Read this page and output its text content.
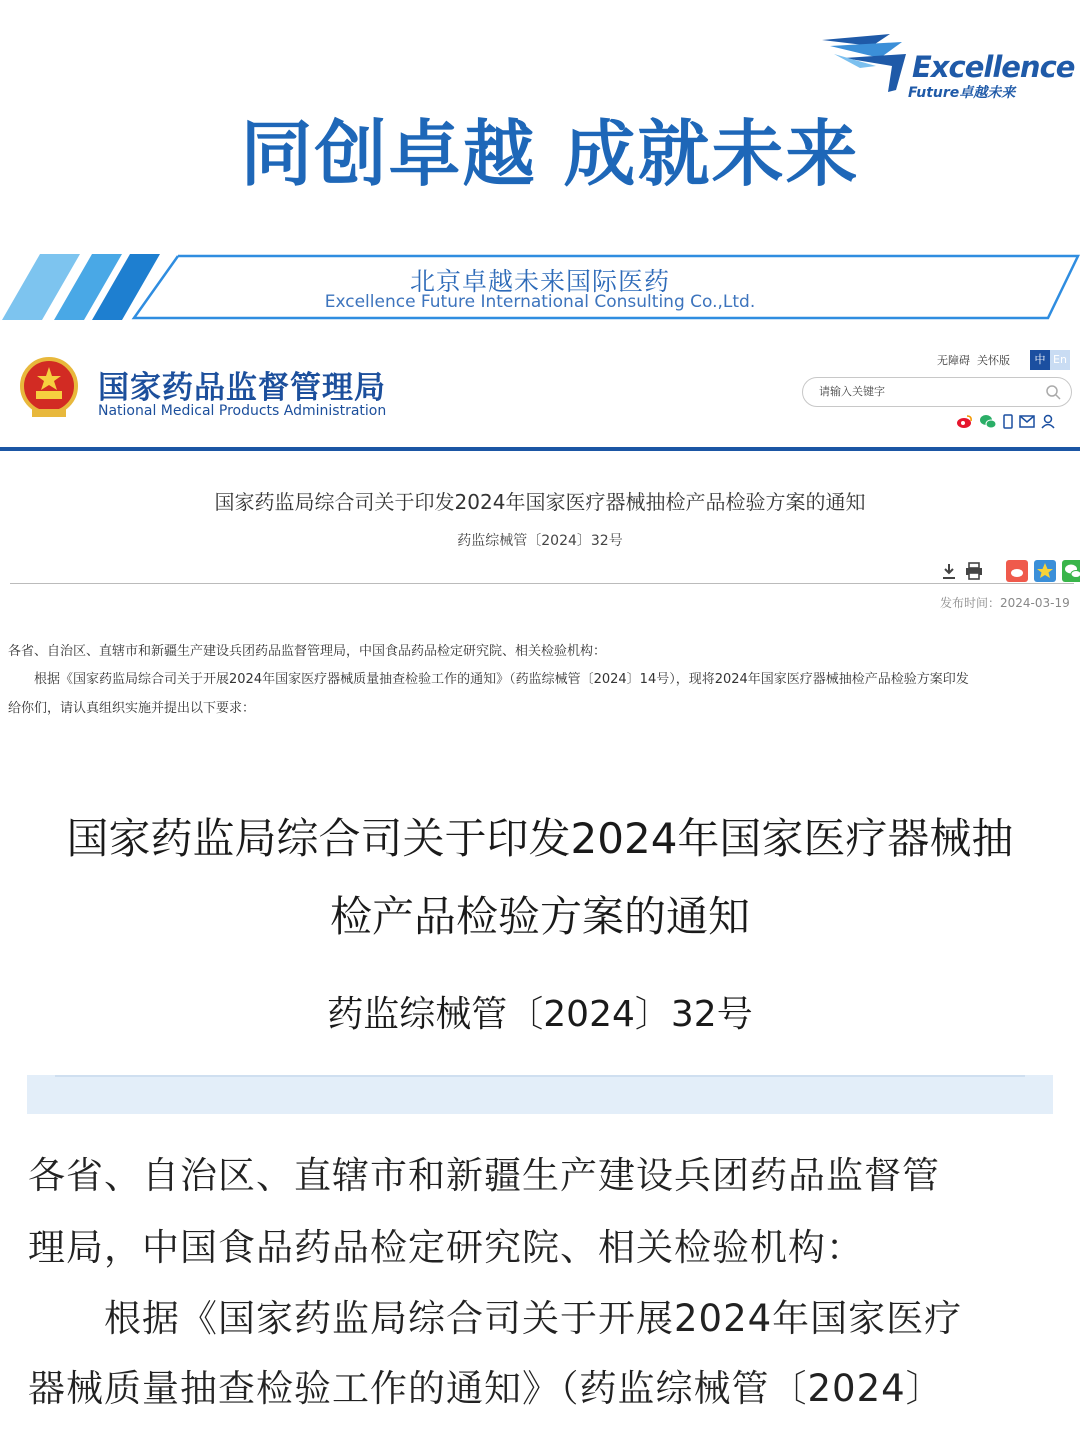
Excellence
Future卓越未来
同创卓越 成就未来
北京卓越未来国际医药
Excellence Future International Consulting Co.,Ltd.
国家药品监督管理局
National Medical Products Administration
无障碍 关怀版	中 En
请输入关键字
国家药监局综合司关于印发2024年国家医疗器械抽检产品检验方案的通知
药监综械管〔2024〕32号
发布时间：2024-03-19
各省、自治区、直辖市和新疆生产建设兵团药品监督管理局，中国食品药品检定研究院、相关检验机构：
　　根据《国家药监局综合司关于开展2024年国家医疗器械质量抽查检验工作的通知》（药监综械管〔2024〕14号），现将2024年国家医疗器械抽检产品检验方案印发
给你们，请认真组织实施并提出以下要求：
国家药监局综合司关于印发2024年国家医疗器械抽
检产品检验方案的通知
药监综械管〔2024〕32号
各省、自治区、直辖市和新疆生产建设兵团药品监督管
理局，中国食品药品检定研究院、相关检验机构：
　　根据《国家药监局综合司关于开展2024年国家医疗
器械质量抽查检验工作的通知》（药监综械管〔2024〕
